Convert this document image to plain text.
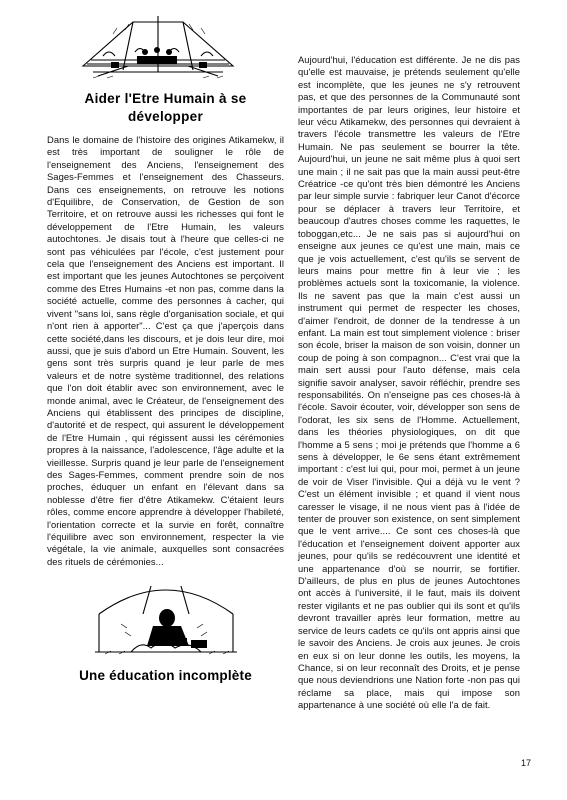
Aider l'Etre Humain à se
développer

Dans le domaine de l'histoire des origines Atikamekw, il est très important de souligner le rôle de l'enseignement des Anciens, l'enseignement des Sages-Femmes et l'enseignement des Chasseurs. Dans ces enseignements, on retrouve les notions d'Equilibre, de Conservation, de Gestion de son Territoire, et on retrouve aussi les richesses qui font le développement de l'Etre Humain, les valeurs autochtones. Je disais tout à l'heure que celles-ci ne sont pas véhiculées par l'école, c'est justement pour cela que l'enseignement des Anciens est important. Il est important que les jeunes Autochtones se perçoivent comme des Etres Humains -et non pas, comme dans la société actuelle, comme des personnes à cacher, qui vivent "sans loi, sans règle d'organisation sociale, et qui n'ont rien à apporter"... C'est ça que j'aperçois dans cette société,dans les discours, et je dois leur dire, moi aussi, que je suis d'abord un Etre Humain. Souvent, les gens sont très surpris quand je leur parle de mes valeurs et de notre système traditionnel, des relations que l'on doit établir avec son environnement, avec le monde animal, avec le Créateur, de l'enseignement des Anciens qui établissent des principes de discipline, d'autorité et de respect, qui assurent le développement de l'Etre Humain , qui régissent aussi les cérémonies propres à la naissance, l'adolescence, l'âge adulte et la vieillesse. Surpris quand je leur parle de l'enseignement des Sages-Femmes, comment prendre soin de nos proches, éduquer un enfant en l'élevant dans sa noblesse d'être fier d'être Atikamekw. C'étaient leurs rôles, comme encore apprendre à développer l'habileté, l'orientation correcte et la survie en forêt, connaître l'équilibre avec son environnement, respecter la vie végétale, la vie animale, auxquelles sont consacrées des rituels de cérémonies...

Une éducation incomplète

Aujourd'hui, l'éducation est différente. Je ne dis pas qu'elle est mauvaise, je prétends seulement qu'elle est incomplète, que les jeunes ne s'y retrouvent pas, et que des personnes de la Communauté sont importantes de par leurs origines, leur histoire et leur vécu Atikamekw, des personnes qui devraient à travers l'école transmettre les valeurs de l'Etre Humain. Ne pas seulement se bourrer la tête. Aujourd'hui, un jeune ne sait même plus à quoi sert une main ; il ne sait pas que la main aussi peut-être Créatrice -ce qu'ont très bien démontré les Anciens par leur simple survie : fabriquer leur Canot d'écorce pour se déplacer à travers leur Territoire, et beaucoup d'autres choses comme les raquettes, le toboggan,etc... Je ne sais pas si aujourd'hui on enseigne aux jeunes ce qu'est une main, mais ce que je vois actuellement, c'est qu'ils se servent de leurs mains pour mettre fin à leur vie ; les problèmes actuels sont la toxicomanie, la violence. Ils ne savent pas que la main c'est aussi un instrument qui permet de respecter les choses, d'aimer l'endroit, de donner de la tendresse à un enfant. La main est tout simplement violence : briser son école, briser la maison de son voisin, donner un coup de poing à son compagnon... C'est vrai que la main sert aussi pour l'auto défense, mais cela signifie savoir analyser, savoir réfléchir, prendre ses responsabilités. On n'enseigne pas ces choses-là à l'école. Savoir écouter, voir, développer son sens de l'odorat, les six sens de l'Homme. Actuellement, dans les théories physiologiques, on dit que l'homme a 5 sens ; moi je prétends que l'homme a 6 sens à développer, le 6e sens étant extrêmement important : c'est lui qui, pour moi, permet à un jeune de voir de Viser l'invisible. Qui a déjà vu le vent ? C'est un élément invisible ; et quand il vient nous caresser le visage, il ne nous vient pas à l'idée de tenter de prouver son existence, on sent simplement que le vent arrive.... Ce sont ces choses-là que l'éducation et l'enseignement doivent apporter aux jeunes, pour qu'ils se redécouvrent une identité et une appartenance d'où se nourrir, se fortifier. D'ailleurs, de plus en plus de jeunes Autochtones ont accès à l'université, il le faut, mais ils doivent rester vigilants et ne pas oublier qui ils sont et qu'ils devront travailler après leur formation, mettre au service de leurs cadets ce qu'ils ont appris ainsi que le savoir des Anciens. Je crois aux jeunes. Je crois en eux si on leur donne les outils, les moyens, la Chance, si on leur reconnaît des Droits, et je pense que nous deviendrions une Nation forte -non pas qui réclame sa place, mais qui impose son appartenance à une société où elle l'a de fait.

17
